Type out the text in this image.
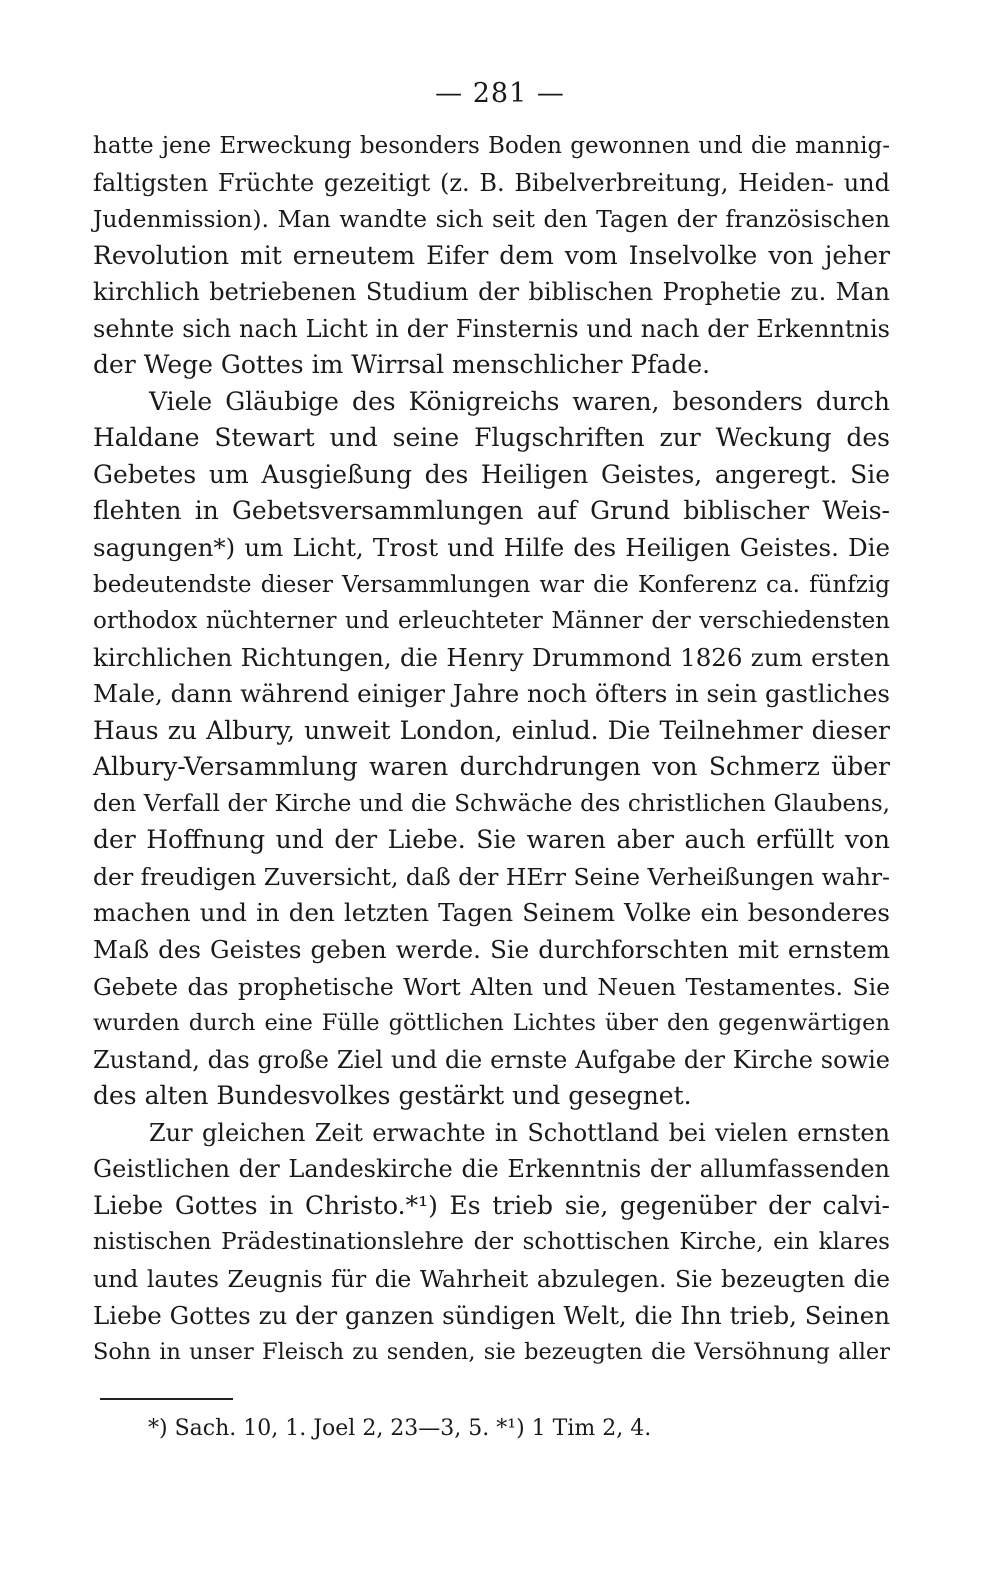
— 281 —
hatte jene Erweckung besonders Boden gewonnen und die mannig-
faltigsten Früchte gezeitigt (z. B. Bibelverbreitung, Heiden- und
Judenmission). Man wandte sich seit den Tagen der französischen
Revolution mit erneutem Eifer dem vom Inselvolke von jeher
kirchlich betriebenen Studium der biblischen Prophetie zu. Man
sehnte sich nach Licht in der Finsternis und nach der Erkenntnis
der Wege Gottes im Wirrsal menschlicher Pfade.
Viele Gläubige des Königreichs waren, besonders durch
Haldane Stewart und seine Flugschriften zur Weckung des
Gebetes um Ausgießung des Heiligen Geistes, angeregt. Sie
flehten in Gebetsversammlungen auf Grund biblischer Weis-
sagungen*) um Licht, Trost und Hilfe des Heiligen Geistes. Die
bedeutendste dieser Versammlungen war die Konferenz ca. fünfzig
orthodox nüchterner und erleuchteter Männer der verschiedensten
kirchlichen Richtungen, die Henry Drummond 1826 zum ersten
Male, dann während einiger Jahre noch öfters in sein gastliches
Haus zu Albury, unweit London, einlud. Die Teilnehmer dieser
Albury-Versammlung waren durchdrungen von Schmerz über
den Verfall der Kirche und die Schwäche des christlichen Glaubens,
der Hoffnung und der Liebe. Sie waren aber auch erfüllt von
der freudigen Zuversicht, daß der HErr Seine Verheißungen wahr-
machen und in den letzten Tagen Seinem Volke ein besonderes
Maß des Geistes geben werde. Sie durchforschten mit ernstem
Gebete das prophetische Wort Alten und Neuen Testamentes. Sie
wurden durch eine Fülle göttlichen Lichtes über den gegenwärtigen
Zustand, das große Ziel und die ernste Aufgabe der Kirche sowie
des alten Bundesvolkes gestärkt und gesegnet.
Zur gleichen Zeit erwachte in Schottland bei vielen ernsten
Geistlichen der Landeskirche die Erkenntnis der allumfassenden
Liebe Gottes in Christo.*¹) Es trieb sie, gegenüber der calvi-
nistischen Prädestinationslehre der schottischen Kirche, ein klares
und lautes Zeugnis für die Wahrheit abzulegen. Sie bezeugten die
Liebe Gottes zu der ganzen sündigen Welt, die Ihn trieb, Seinen
Sohn in unser Fleisch zu senden, sie bezeugten die Versöhnung aller
*) Sach. 10, 1. Joel 2, 23—3, 5. *¹) 1 Tim 2, 4.
